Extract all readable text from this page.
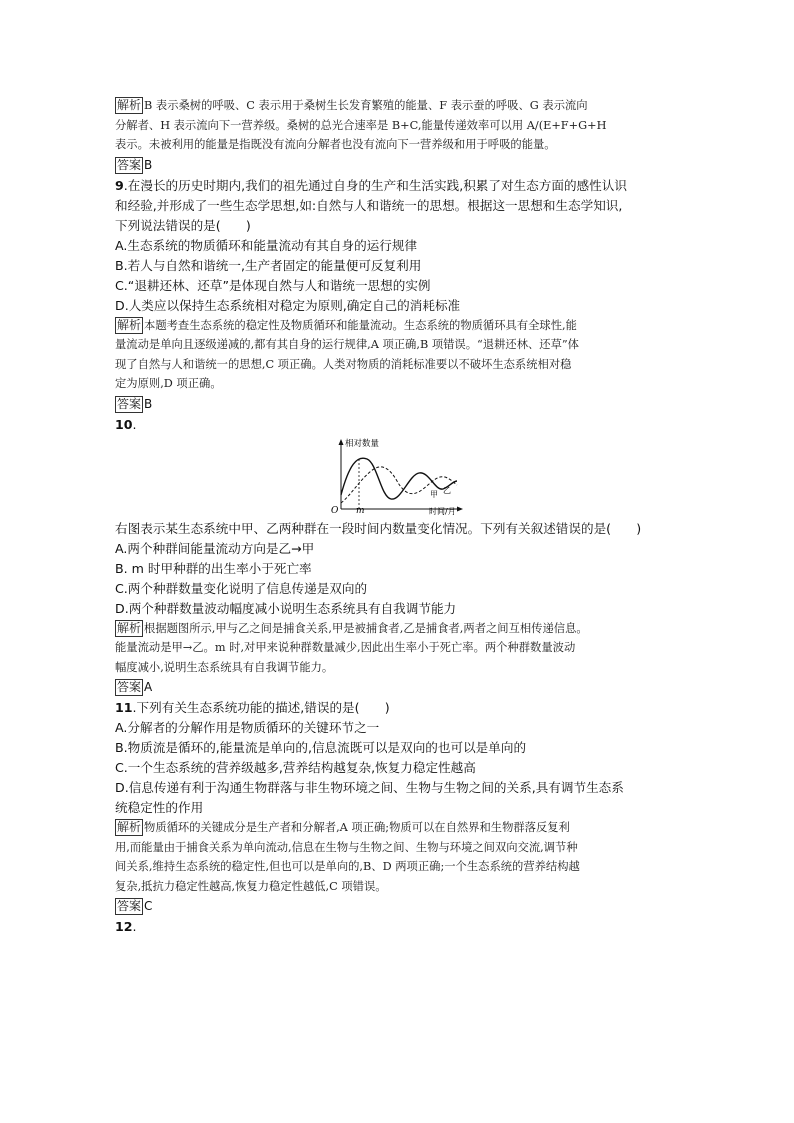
解析 B 表示桑树的呼吸、C 表示用于桑树生长发育繁殖的能量、F 表示蚕的呼吸、G 表示流向
分解者、H 表示流向下一营养级。桑树的总光合速率是 B+C,能量传递效率可以用 A/(E+F+G+H
表示。未被利用的能量是指既没有流向分解者也没有流向下一营养级和用于呼吸的能量。
答案 B
9.在漫长的历史时期内,我们的祖先通过自身的生产和生活实践,积累了对生态方面的感性认识
和经验,并形成了一些生态学思想,如:自然与人和谐统一的思想。根据这一思想和生态学知识,
下列说法错误的是(　　)
A.生态系统的物质循环和能量流动有其自身的运行规律
B.若人与自然和谐统一,生产者固定的能量便可反复利用
C.“退耕还林、还草”是体现自然与人和谐统一思想的实例
D.人类应以保持生态系统相对稳定为原则,确定自己的消耗标准
解析 本题考查生态系统的稳定性及物质循环和能量流动。生态系统的物质循环具有全球性,能
量流动是单向且逐级递减的,都有其自身的运行规律,A 项正确,B 项错误。“退耕还林、还草”体
现了自然与人和谐统一的思想,C 项正确。人类对物质的消耗标准要以不破坏生态系统相对稳
定为原则,D 项正确。
答案 B
10.
相对数量
O m	时间/月
甲 乙
右图表示某生态系统中甲、乙两种群在一段时间内数量变化情况。下列有关叙述错误的是(　　)
A.两个种群间能量流动方向是乙→甲
B. m 时甲种群的出生率小于死亡率
C.两个种群数量变化说明了信息传递是双向的
D.两个种群数量波动幅度减小说明生态系统具有自我调节能力
解析 根据题图所示,甲与乙之间是捕食关系,甲是被捕食者,乙是捕食者,两者之间互相传递信息。
能量流动是甲→乙。m 时,对甲来说种群数量减少,因此出生率小于死亡率。两个种群数量波动
幅度减小,说明生态系统具有自我调节能力。
答案 A
11.下列有关生态系统功能的描述,错误的是(　　)
A.分解者的分解作用是物质循环的关键环节之一
B.物质流是循环的,能量流是单向的,信息流既可以是双向的也可以是单向的
C.一个生态系统的营养级越多,营养结构越复杂,恢复力稳定性越高
D.信息传递有利于沟通生物群落与非生物环境之间、生物与生物之间的关系,具有调节生态系
统稳定性的作用
解析 物质循环的关键成分是生产者和分解者,A 项正确;物质可以在自然界和生物群落反复利
用,而能量由于捕食关系为单向流动,信息在生物与生物之间、生物与环境之间双向交流,调节种
间关系,维持生态系统的稳定性,但也可以是单向的,B、D 两项正确;一个生态系统的营养结构越
复杂,抵抗力稳定性越高,恢复力稳定性越低,C 项错误。
答案 C
12.
